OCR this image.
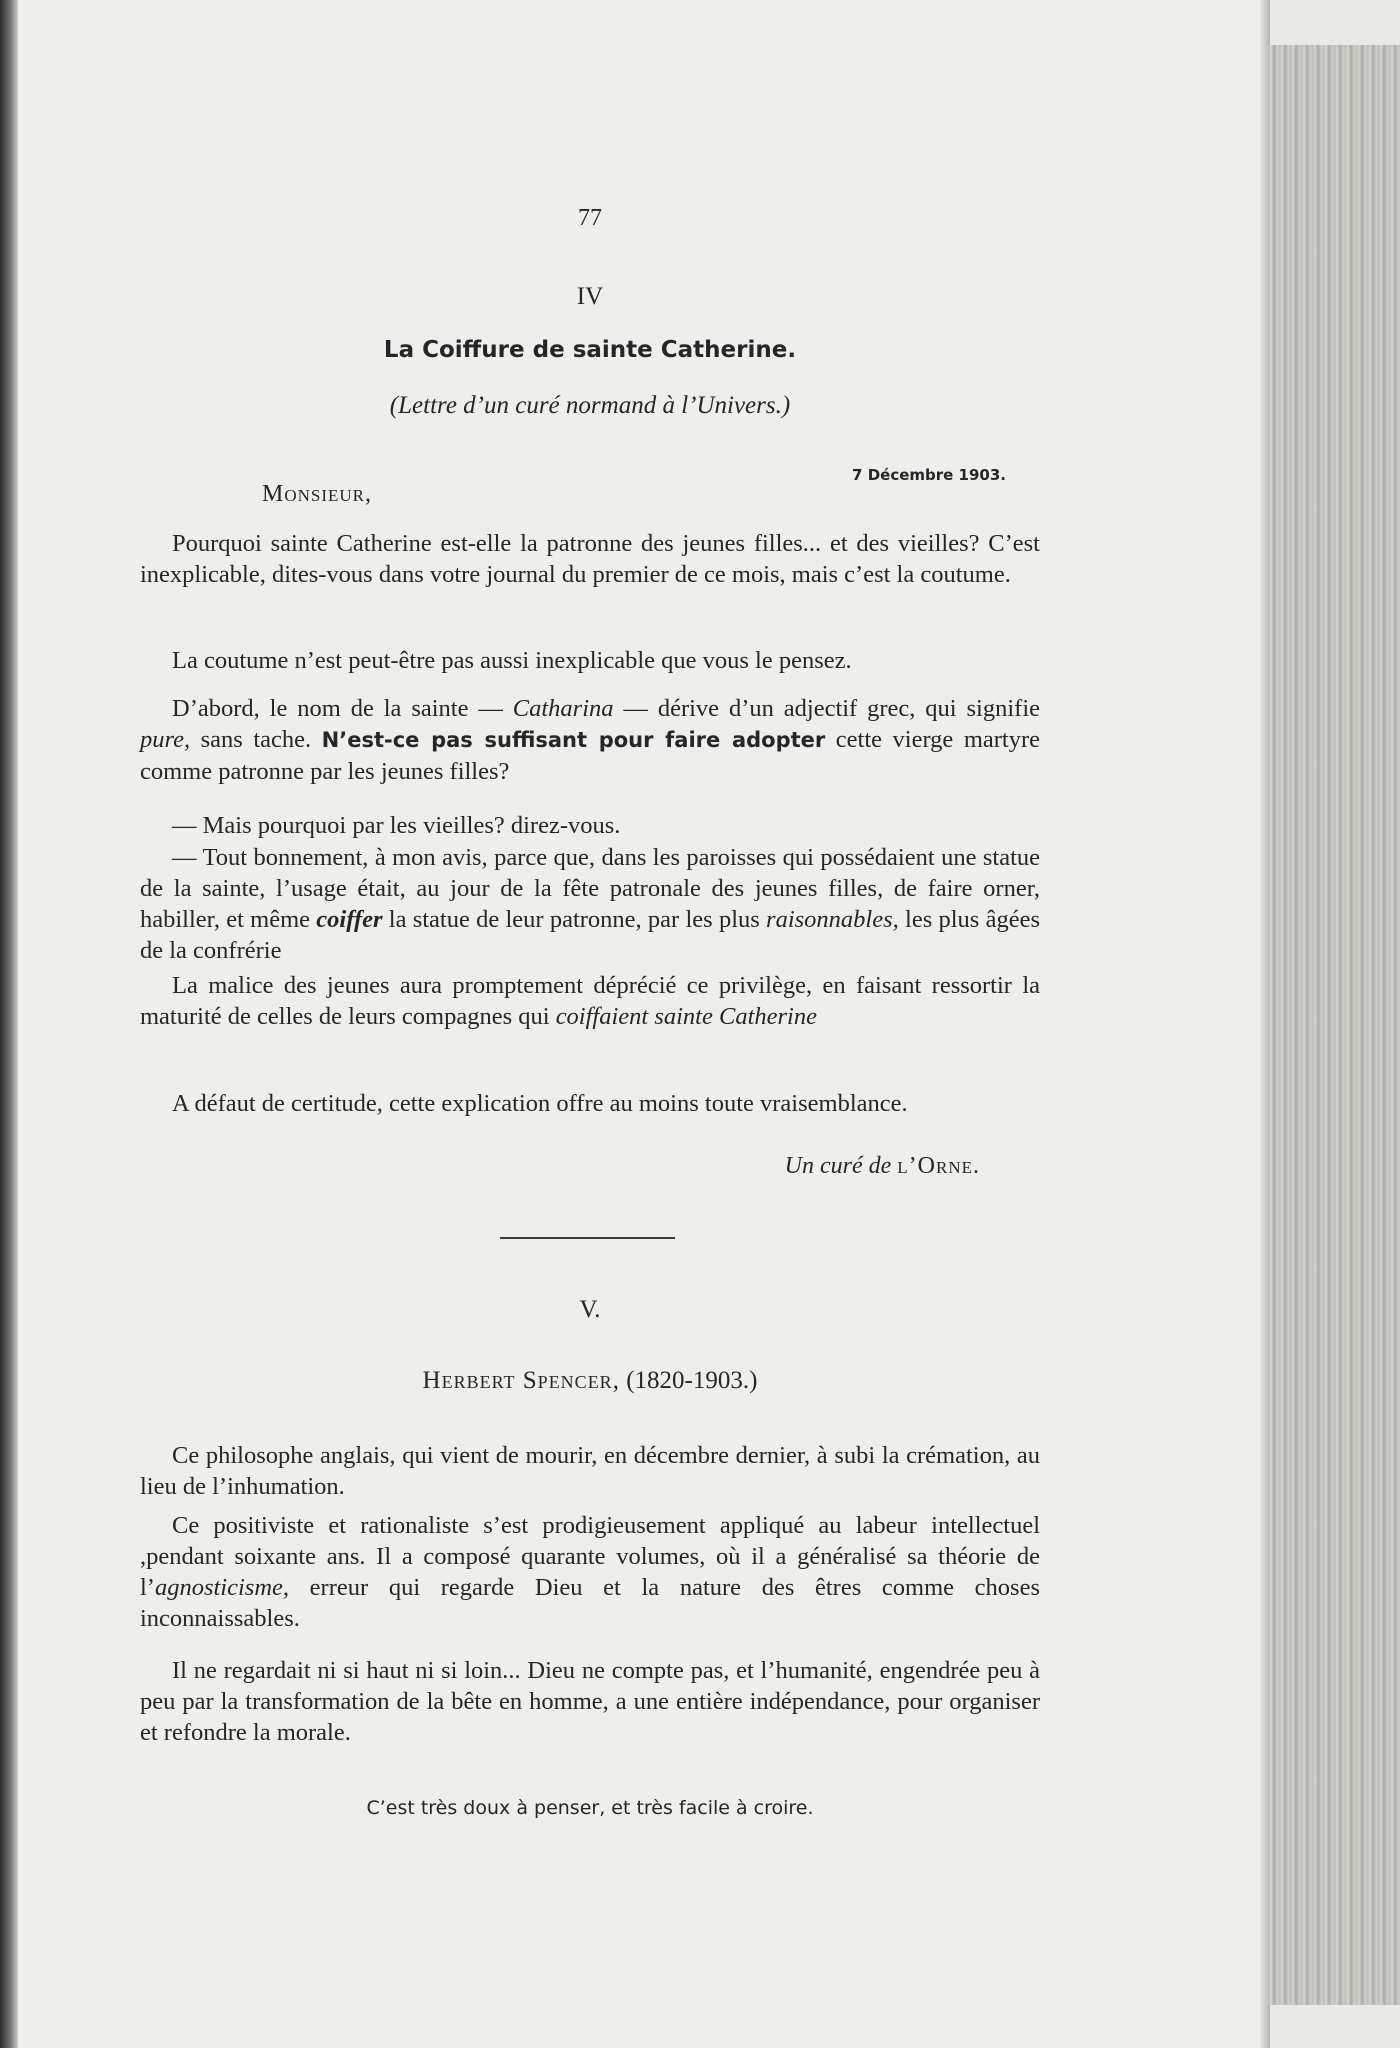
77
IV
La Coiffure de sainte Catherine.
(Lettre d’un curé normand à l’Univers.)
7 Décembre 1903.
Monsieur,
Pourquoi sainte Catherine est-elle la patronne des jeunes filles... et des vieilles? C’est inexplicable, dites-vous dans votre journal du premier de ce mois, mais c’est la coutume.
La coutume n’est peut-être pas aussi inexplicable que vous le pensez.
D’abord, le nom de la sainte — Catharina — dérive d’un adjectif grec, qui signifie pure, sans tache. N’est-ce pas suffisant pour faire adopter cette vierge martyre comme patronne par les jeunes filles?
— Mais pourquoi par les vieilles? direz-vous.
— Tout bonnement, à mon avis, parce que, dans les paroisses qui possédaient une statue de la sainte, l’usage était, au jour de la fête patronale des jeunes filles, de faire orner, habiller, et même coiffer la statue de leur patronne, par les plus raisonnables, les plus âgées de la confrérie
La malice des jeunes aura promptement déprécié ce privilège, en faisant ressortir la maturité de celles de leurs compagnes qui coiffaient sainte Catherine
A défaut de certitude, cette explication offre au moins toute vraisemblance.
Un curé de l’Orne.
V.
Herbert Spencer, (1820-1903.)
Ce philosophe anglais, qui vient de mourir, en décembre dernier, à subi la crémation, au lieu de l’inhumation.
Ce positiviste et rationaliste s’est prodigieusement appliqué au labeur intellectuel ,pendant soixante ans. Il a composé quarante volumes, où il a généralisé sa théorie de l’agnosticisme, erreur qui regarde Dieu et la nature des êtres comme choses inconnaissables.
Il ne regardait ni si haut ni si loin... Dieu ne compte pas, et l’humanité, engendrée peu à peu par la transformation de la bête en homme, a une entière indépendance, pour organiser et refondre la morale.
C’est très doux à penser, et très facile à croire.
